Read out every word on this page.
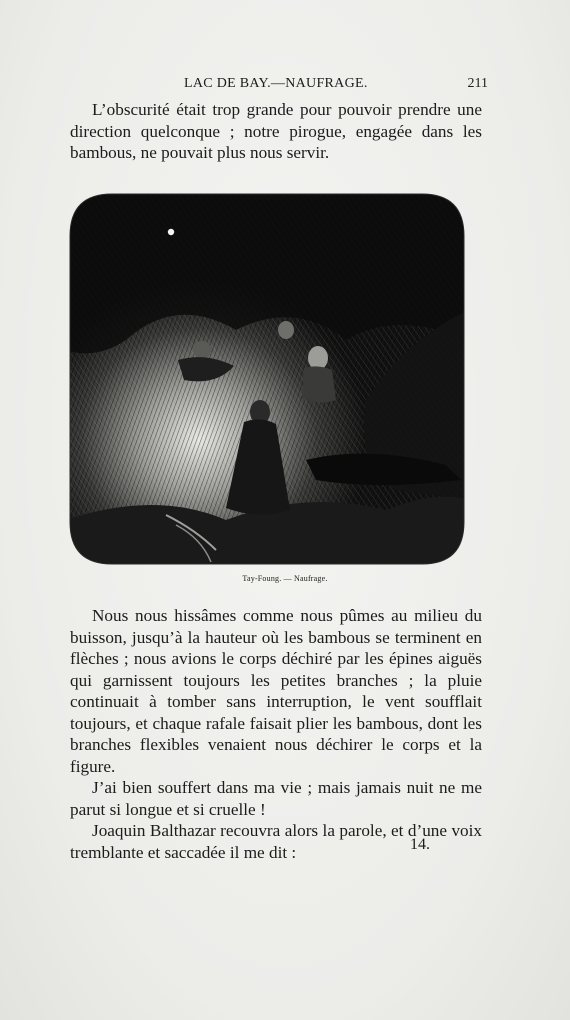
LAC DE BAY.—NAUFRAGE.	211

L’obscurité était trop grande pour pouvoir prendre une direction quelconque ; notre pirogue, engagée dans les bambous, ne pouvait plus nous servir.

Tay-Foung. — Naufrage.

Nous nous hissâmes comme nous pûmes au milieu du buisson, jusqu’à la hauteur où les bambous se terminent en flèches ; nous avions le corps déchiré par les épines aiguës qui garnissent toujours les petites branches ; la pluie continuait à tomber sans interruption, le vent soufflait toujours, et chaque rafale faisait plier les bambous, dont les branches flexibles venaient nous déchirer le corps et la figure.

J’ai bien souffert dans ma vie ; mais jamais nuit ne me parut si longue et si cruelle !

Joaquin Balthazar recouvra alors la parole, et d’une voix tremblante et saccadée il me dit :	14.
